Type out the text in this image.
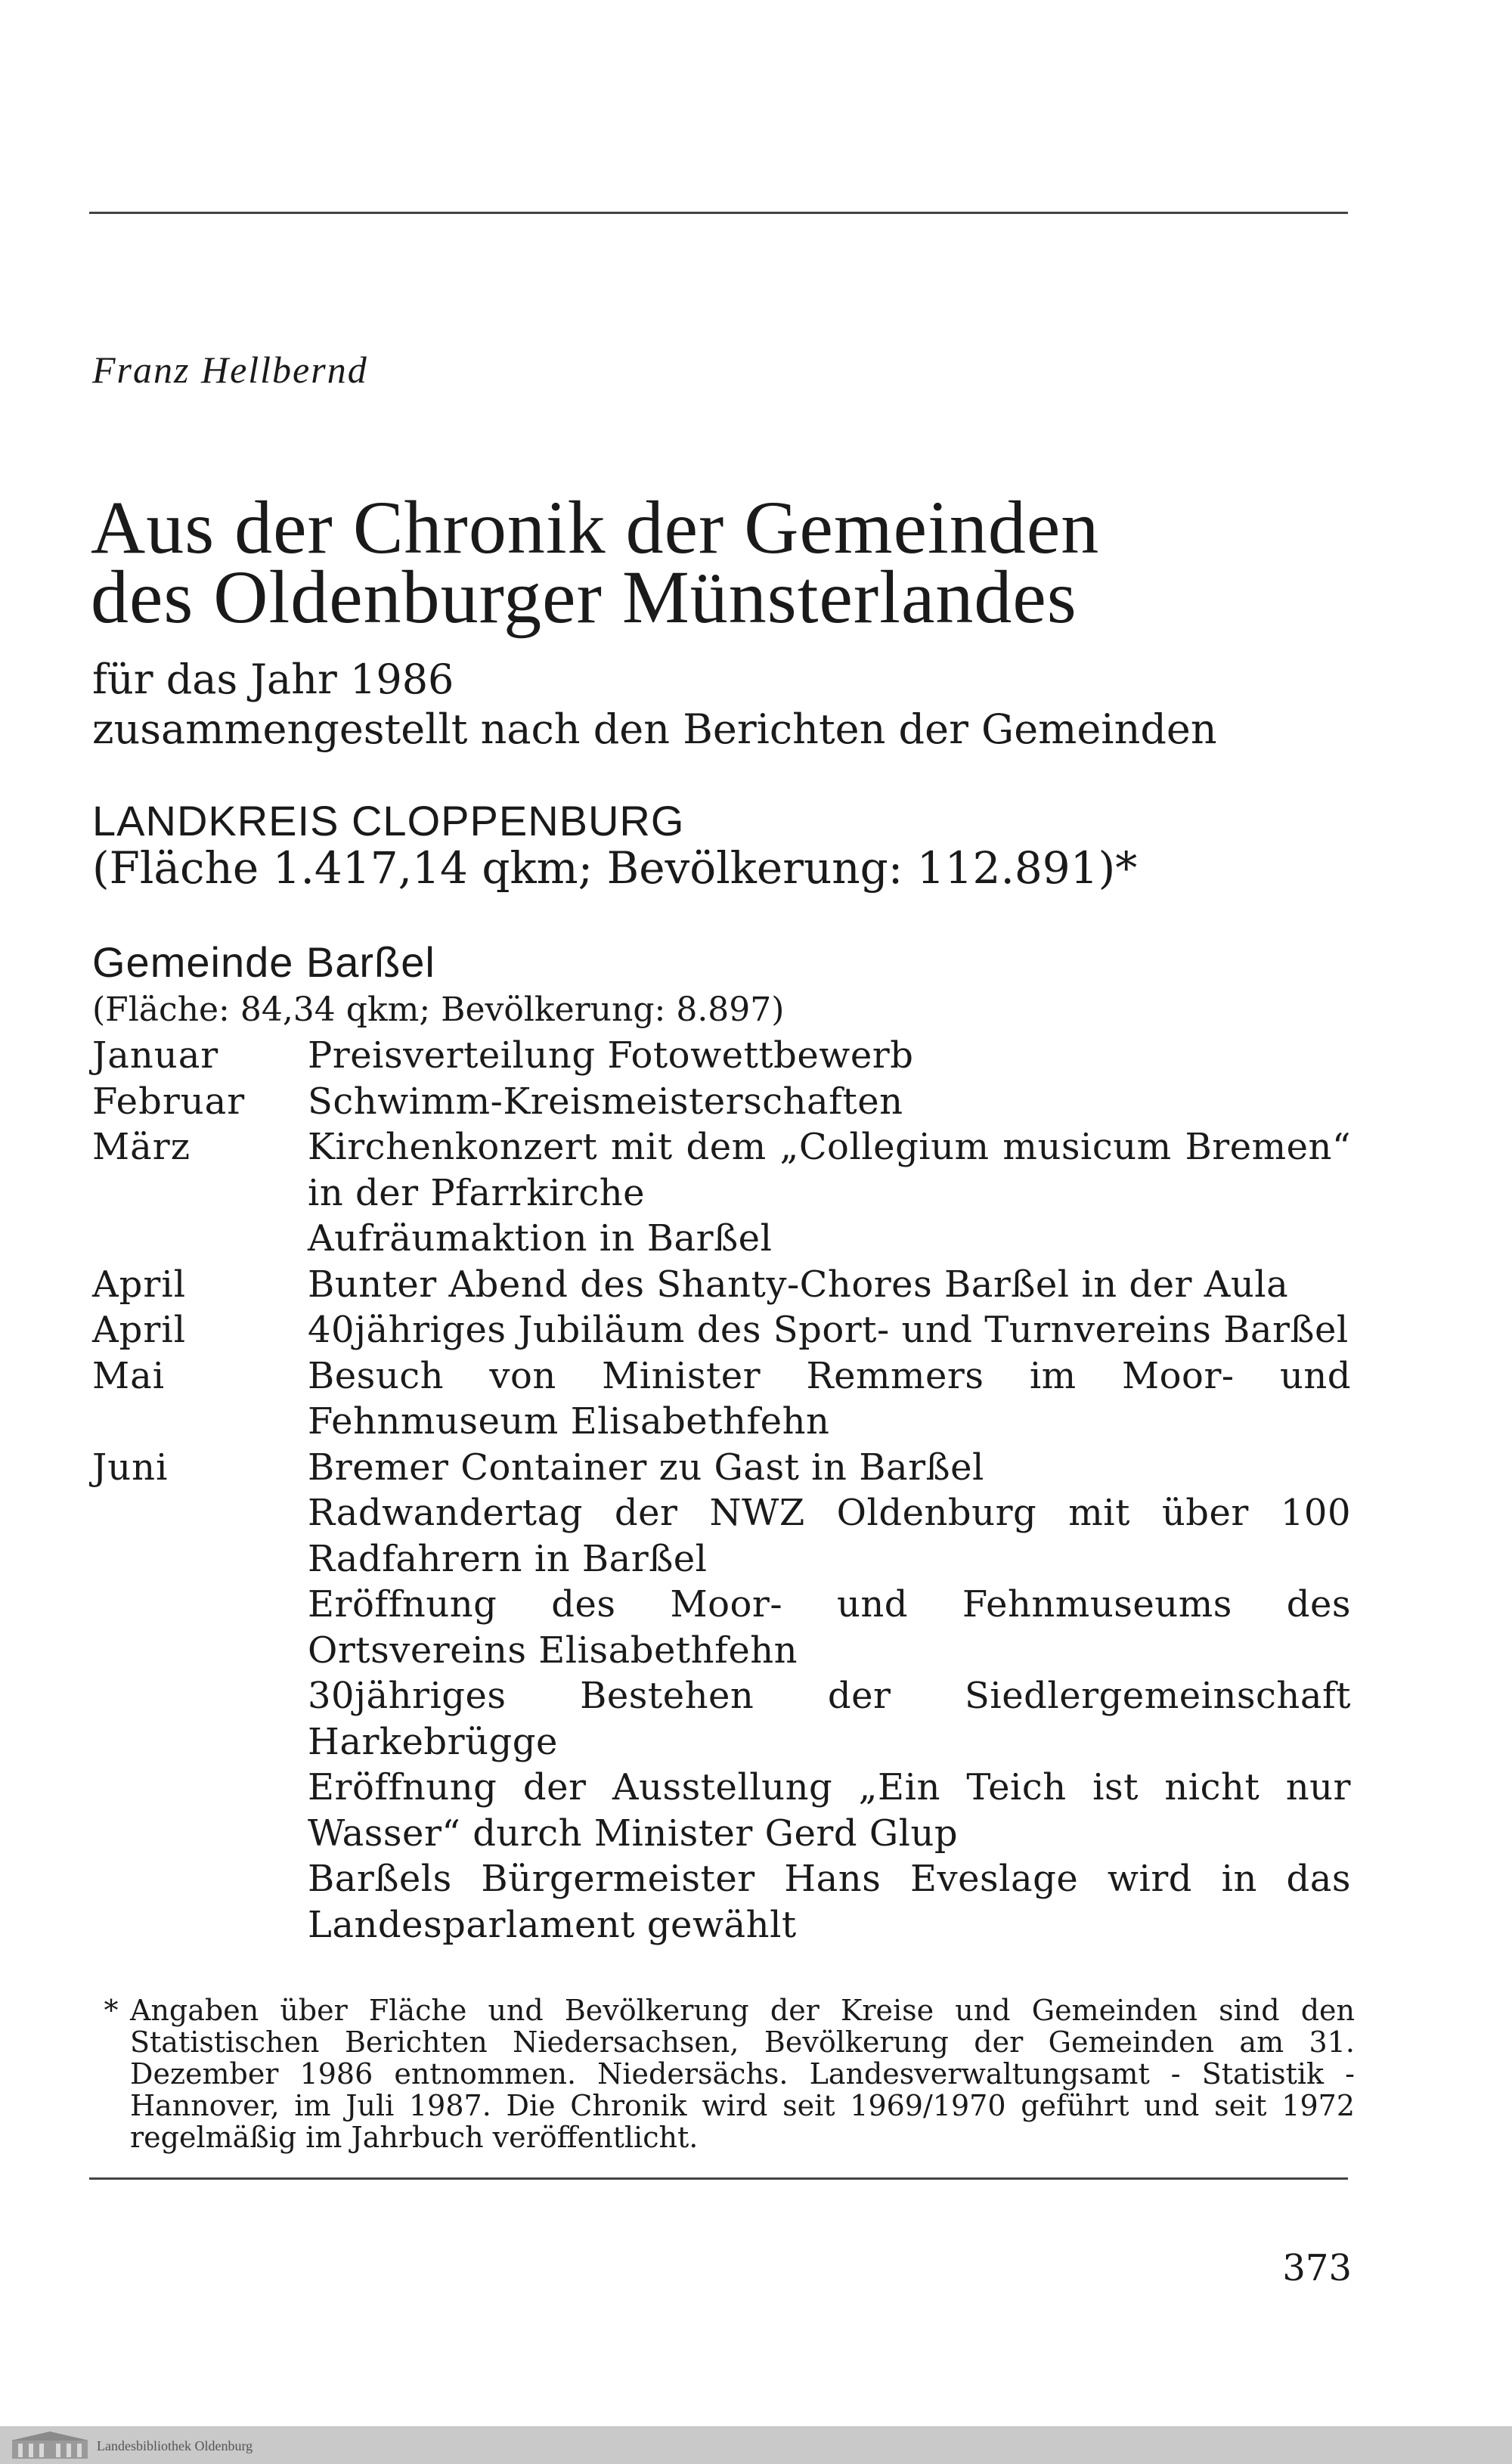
Franz Hellbernd
Aus der Chronik der Gemeinden
des Oldenburger Münsterlandes
für das Jahr 1986
zusammengestellt nach den Berichten der Gemeinden
LANDKREIS CLOPPENBURG
(Fläche 1.417,14 qkm; Bevölkerung: 112.891)*
Gemeinde Barßel
(Fläche: 84,34 qkm; Bevölkerung: 8.897)
Januar	Preisverteilung Fotowettbewerb
Februar	Schwimm-Kreismeisterschaften
März	Kirchenkonzert mit dem „Collegium musicum Bremen“ in der Pfarrkirche
Aufräumaktion in Barßel
April	Bunter Abend des Shanty-Chores Barßel in der Aula
April	40jähriges Jubiläum des Sport- und Turnvereins Barßel
Mai	Besuch von Minister Remmers im Moor- und Fehnmuseum Elisabethfehn
Juni	Bremer Container zu Gast in Barßel
Radwandertag der NWZ Oldenburg mit über 100 Radfahrern in Barßel
Eröffnung des Moor- und Fehnmuseums des Ortsvereins Elisabethfehn
30jähriges Bestehen der Siedlergemeinschaft Harkebrügge
Eröffnung der Ausstellung „Ein Teich ist nicht nur Wasser“ durch Minister Gerd Glup
Barßels Bürgermeister Hans Eveslage wird in das Landesparlament gewählt
* Angaben über Fläche und Bevölkerung der Kreise und Gemeinden sind den Statistischen Berichten Niedersachsen, Bevölkerung der Gemeinden am 31. Dezember 1986 entnommen. Niedersächs. Landesverwaltungsamt - Statistik - Hannover, im Juli 1987. Die Chronik wird seit 1969/1970 geführt und seit 1972 regelmäßig im Jahrbuch veröffentlicht.
373
Landesbibliothek Oldenburg
